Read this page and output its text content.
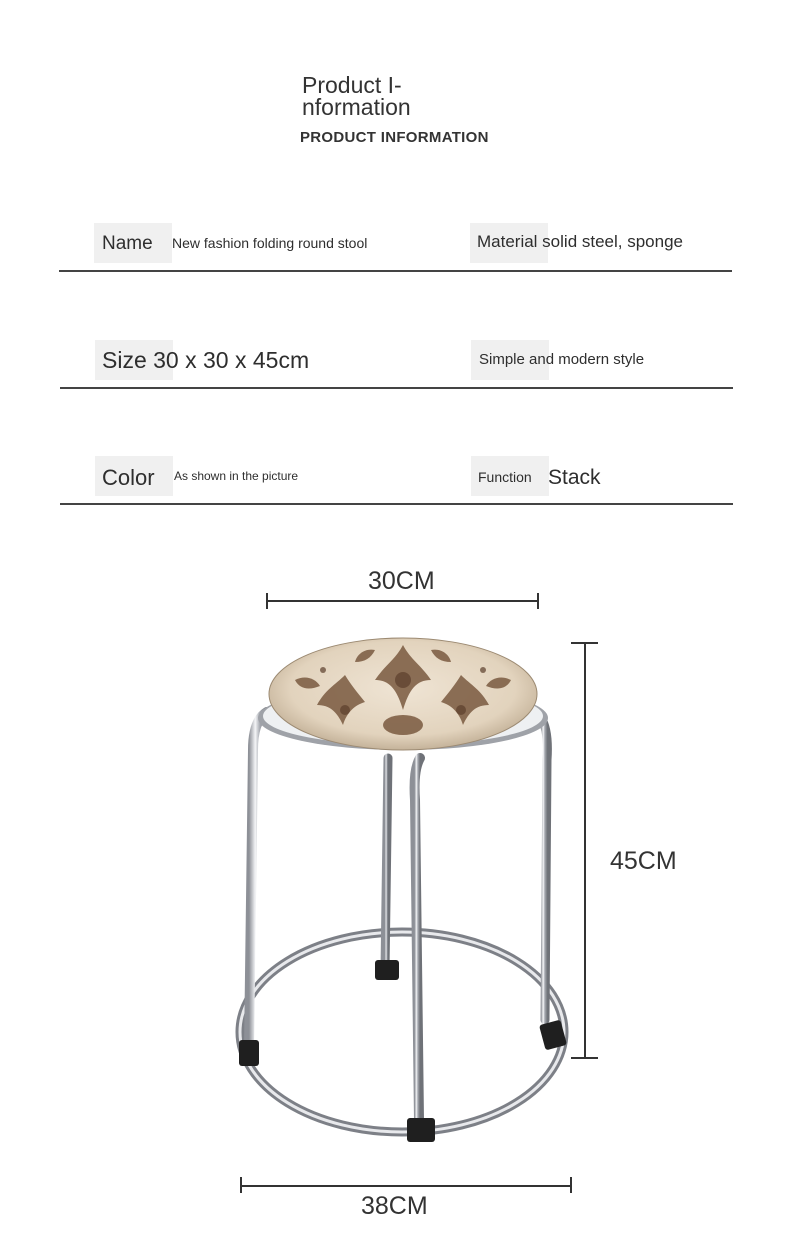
Product I-
nformation
PRODUCT INFORMATION
Name New fashion folding round stool	Material solid steel, sponge
Size 30 x 30 x 45cm	Simple and modern style
Color As shown in the picture	Function Stack
30CM
45CM
38CM
